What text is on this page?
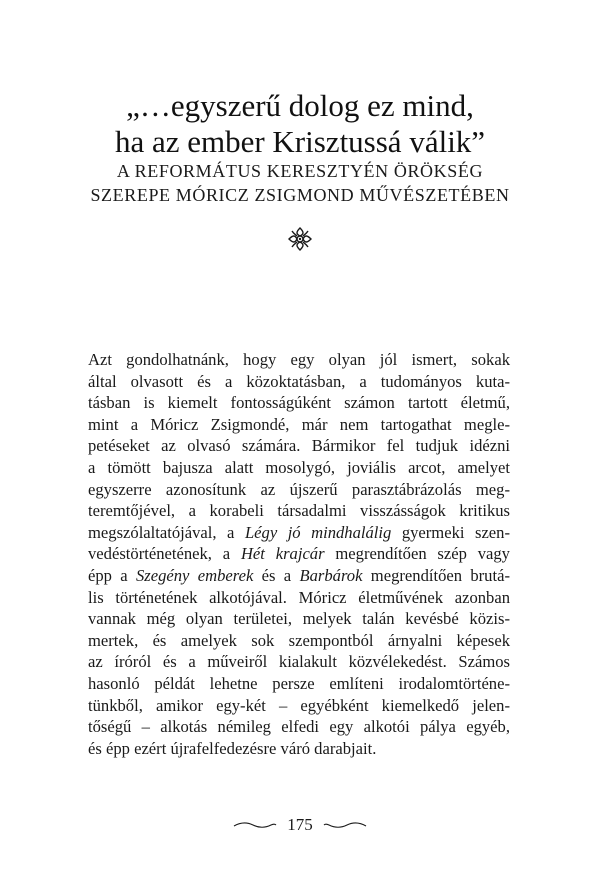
„…egyszerű dolog ez mind,
ha az ember Krisztussá válik”
A REFORMÁTUS KERESZTYÉN ÖRÖKSÉG
SZEREPE MÓRICZ ZSIGMOND MŰVÉSZETÉBEN

Azt gondolhatnánk, hogy egy olyan jól ismert, sokak
által olvasott és a közoktatásban, a tudományos kuta-
tásban is kiemelt fontosságúként számon tartott életmű,
mint a Móricz Zsigmondé, már nem tartogathat megle-
petéseket az olvasó számára. Bármikor fel tudjuk idézni
a tömött bajusza alatt mosolygó, joviális arcot, amelyet
egyszerre azonosítunk az újszerű parasztábrázolás meg-
teremtőjével, a korabeli társadalmi visszásságok kritikus
megszólaltatójával, a Légy jó mindhalálig gyermeki szen-
vedéstörténetének, a Hét krajcár megrendítően szép vagy
épp a Szegény emberek és a Barbárok megrendítően brutá-
lis történetének alkotójával. Móricz életművének azonban
vannak még olyan területei, melyek talán kevésbé közis-
mertek, és amelyek sok szempontból árnyalni képesek
az íróról és a műveiről kialakult közvélekedést. Számos
hasonló példát lehetne persze említeni irodalomtörténe-
tünkből, amikor egy-két – egyébként kiemelkedő jelen-
tőségű – alkotás némileg elfedi egy alkotói pálya egyéb,
és épp ezért újrafelfedezésre váró darabjait.

175
